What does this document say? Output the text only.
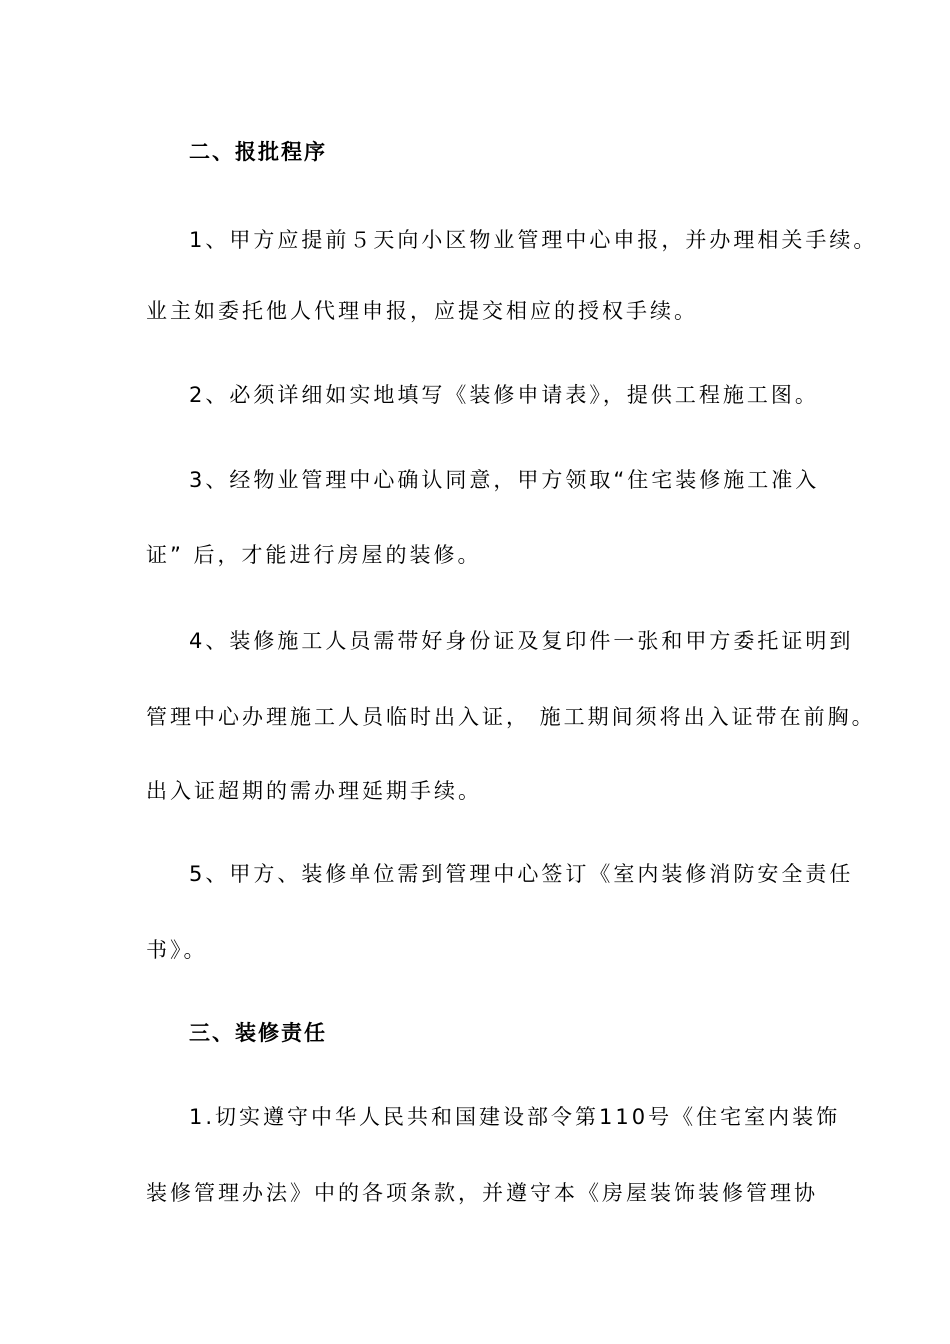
二、报批程序
1、甲方应提前５天向小区物业管理中心申报，并办理相关手续。
业主如委托他人代理申报，应提交相应的授权手续。
2、必须详细如实地填写《装修申请表》，提供工程施工图。
3、经物业管理中心确认同意，甲方领取“住宅装修施工准入
证” 后，才能进行房屋的装修。
4、装修施工人员需带好身份证及复印件一张和甲方委托证明到
管理中心办理施工人员临时出入证， 施工期间须将出入证带在前胸。
出入证超期的需办理延期手续。
5、甲方、装修单位需到管理中心签订《室内装修消防安全责任
书》。
三、装修责任
1.切实遵守中华人民共和国建设部令第110号《住宅室内装饰
装修管理办法》中的各项条款，并遵守本《房屋装饰装修管理协
